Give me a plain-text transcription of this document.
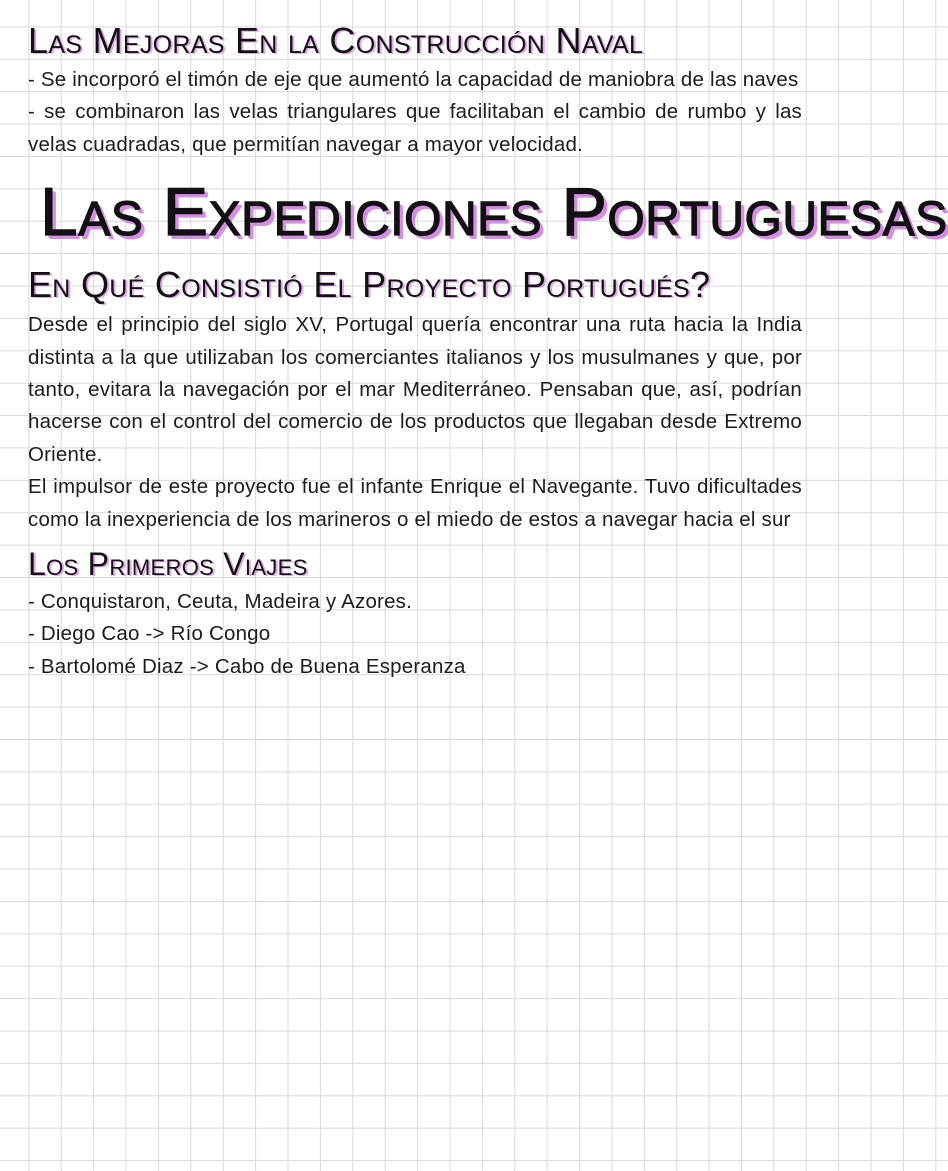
Las Mejoras En la Construcción Naval

- Se incorporó el timón de eje que aumentó la capacidad de maniobra de las naves

- se combinaron las velas triangulares que facilitaban el cambio de rumbo y las velas cuadradas, que permitían navegar a mayor velocidad.

Las Expediciones Portuguesas
En Qué Consistió El Proyecto Portugués?

Desde el principio del siglo XV, Portugal quería encontrar una ruta hacia la India distinta a la que utilizaban los comerciantes italianos y los musulmanes y que, por tanto, evitara la navegación por el mar Mediterráneo. Pensaban que, así, podrían hacerse con el control del comercio de los productos que llegaban desde Extremo Oriente.

El impulsor de este proyecto fue el infante Enrique el Navegante. Tuvo dificultades como la inexperiencia de los marineros o el miedo de estos a navegar hacia el sur

Los Primeros Viajes
- Conquistaron, Ceuta, Madeira y Azores.
- Diego Cao -> Río Congo
- Bartolomé Diaz -> Cabo de Buena Esperanza
